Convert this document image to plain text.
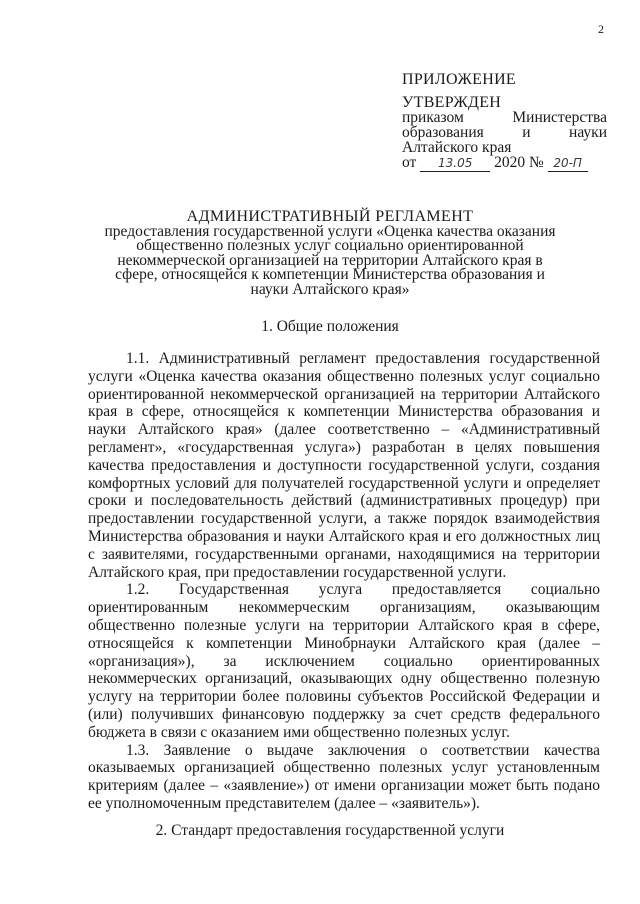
2
ПРИЛОЖЕНИЕ
УТВЕРЖДЕН
приказом Министерства образования и науки Алтайского края
от 13.05 2020 № 20-П
АДМИНИСТРАТИВНЫЙ РЕГЛАМЕНТ
предоставления государственной услуги «Оценка качества оказания общественно полезных услуг социально ориентированной некоммерческой организацией на территории Алтайского края в сфере, относящейся к компетенции Министерства образования и науки Алтайского края»
1. Общие положения

1.1. Административный регламент предоставления государственной услуги «Оценка качества оказания общественно полезных услуг социально ориентированной некоммерческой организацией на территории Алтайского края в сфере, относящейся к компетенции Министерства образования и науки Алтайского края» (далее соответственно – «Административный регламент», «государственная услуга») разработан в целях повышения качества предоставления и доступности государственной услуги, создания комфортных условий для получателей государственной услуги и определяет сроки и последовательность действий (административных процедур) при предоставлении государственной услуги, а также порядок взаимодействия Министерства образования и науки Алтайского края и его должностных лиц с заявителями, государственными органами, находящимися на территории Алтайского края, при предоставлении государственной услуги.

1.2. Государственная услуга предоставляется социально ориентированным некоммерческим организациям, оказывающим общественно полезные услуги на территории Алтайского края в сфере, относящейся к компетенции Минобрнауки Алтайского края (далее – «организация»), за исключением социально ориентированных некоммерческих организаций, оказывающих одну общественно полезную услугу на территории более половины субъектов Российской Федерации и (или) получивших финансовую поддержку за счет средств федерального бюджета в связи с оказанием ими общественно полезных услуг.

1.3. Заявление о выдаче заключения о соответствии качества оказываемых организацией общественно полезных услуг установленным критериям (далее – «заявление») от имени организации может быть подано ее уполномоченным представителем (далее – «заявитель»).

2. Стандарт предоставления государственной услуги
